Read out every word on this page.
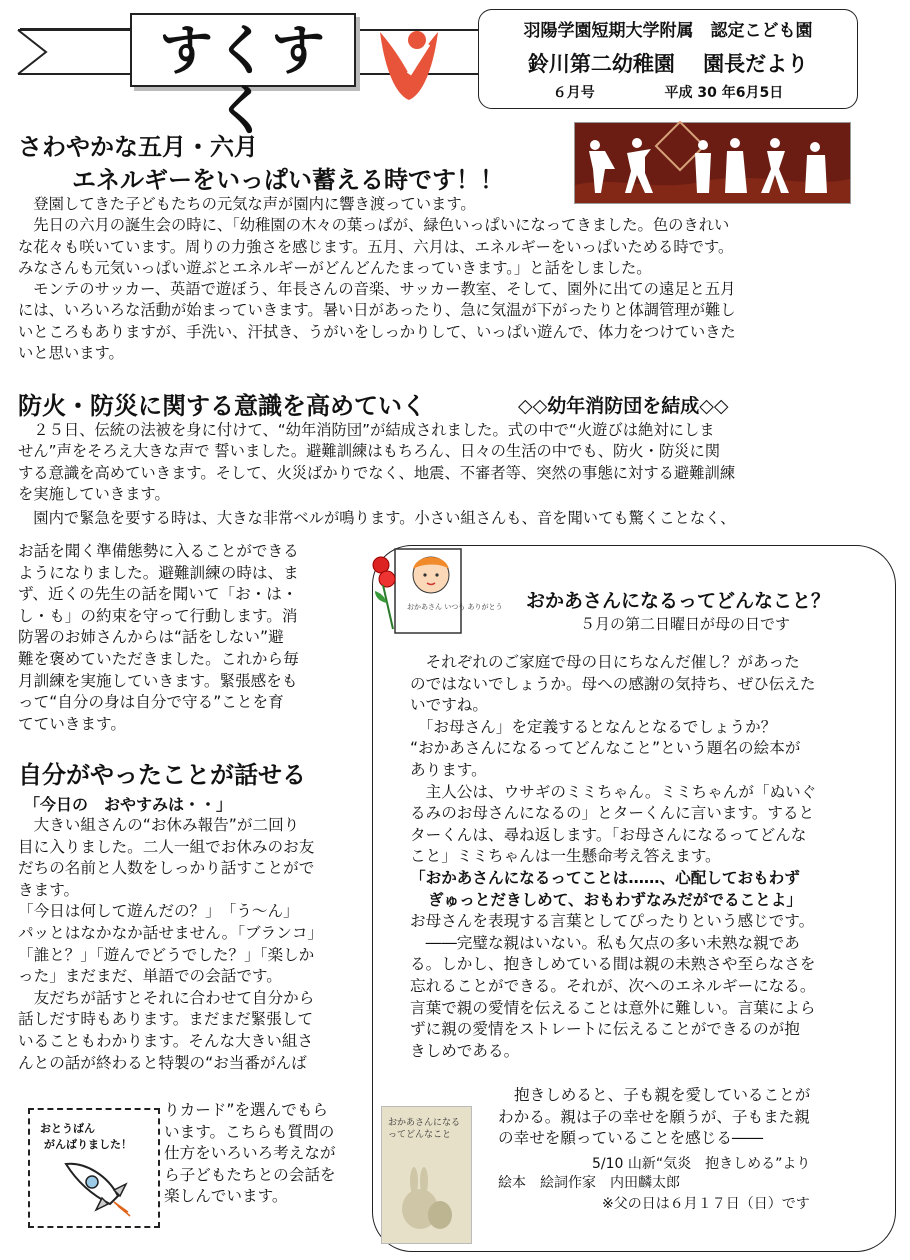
すくすく
羽陽学園短期大学附属　認定こども園
鈴川第二幼稚園　 園長だより
６月号	平成 30 年6月5日
さわやかな五月・六月
エネルギーをいっぱい蓄える時です！！
　登園してきた子どもたちの元気な声が園内に響き渡っています。
　先日の六月の誕生会の時に、「幼稚園の木々の葉っぱが、緑色いっぱいになってきました。色のきれい
な花々も咲いています。周りの力強さを感じます。五月、六月は、エネルギーをいっぱいためる時です。
みなさんも元気いっぱい遊ぶとエネルギーがどんどんたまっていきます。」と話をしました。
　モンテのサッカー、英語で遊ぼう、年長さんの音楽、サッカー教室、そして、園外に出ての遠足と五月
には、いろいろな活動が始まっていきます。暑い日があったり、急に気温が下がったりと体調管理が難し
いところもありますが、手洗い、汗拭き、うがいをしっかりして、いっぱい遊んで、体力をつけていきた
いと思います。
防火・防災に関する意識を高めていく	◇◇幼年消防団を結成◇◇
　２５日、伝統の法被を身に付けて、“幼年消防団”が結成されました。式の中で“火遊びは絶対にしま
せん”声をそろえ大きな声で 誓いました。避難訓練はもちろん、日々の生活の中でも、防火・防災に関
する意識を高めていきます。そして、火災ばかりでなく、地震、不審者等、突然の事態に対する避難訓練
を実施していきます。
　園内で緊急を要する時は、大きな非常ベルが鳴ります。小さい組さんも、音を聞いても驚くことなく、
お話を聞く準備態勢に入ることができる
ようになりました。避難訓練の時は、ま
ず、近くの先生の話を聞いて「お・は・
し・も」の約束を守って行動します。消
防署のお姉さんからは“話をしない”避
難を褒めていただきました。これから毎
月訓練を実施していきます。緊張感をも
って“自分の身は自分で守る”ことを育
てていきます。
自分がやったことが話せる
「今日の　おやすみは・・」
　大きい組さんの“お休み報告”が二回り
目に入りました。二人一組でお休みのお友
だちの名前と人数をしっかり話すことがで
きます。
「今日は何して遊んだの？」　「う～ん」
パッとはなかなか話せません。「ブランコ」
「誰と？」「遊んでどうでした？」「楽しか
った」まだまだ、単語での会話です。
　友だちが話すとそれに合わせて自分から
話しだす時もあります。まだまだ緊張して
いることもわかります。そんな大きい組さ
んとの話が終わると特製の“お当番がんば
りカード”を選んでもら
います。こちらも質問の
仕方をいろいろ考えなが
ら子どもたちとの会話を
楽しんでいます。
おとうばん
がんばりました！
おかあさん いつも ありがとう	おかあさんになるってどんなこと？
５月の第二日曜日が母の日です
　それぞれのご家庭で母の日にちなんだ催し？があった
のではないでしょうか。母への感謝の気持ち、ぜひ伝えた
いですね。
　「お母さん」を定義するとなんとなるでしょうか？
“おかあさんになるってどんなこと”という題名の絵本が
あります。
　主人公は、ウサギのミミちゃん。ミミちゃんが「ぬいぐ
るみのお母さんになるの」とターくんに言います。すると
ターくんは、尋ね返します。「お母さんになるってどんな
こと」ミミちゃんは一生懸命考え答えます。
「おかあさんになるってことは……、心配しておもわず
ぎゅっとだきしめて、おもわずなみだがでることよ」
お母さんを表現する言葉としてぴったりという感じです。
　――完璧な親はいない。私も欠点の多い未熟な親であ
る。しかし、抱きしめている間は親の未熟さや至らなさを
忘れることができる。それが、次へのエネルギーになる。
言葉で親の愛情を伝えることは意外に難しい。言葉によら
ずに親の愛情をストレートに伝えることができるのが抱
きしめである。
おかあさんになるってどんなこと
抱きしめると、子も親を愛していることが
わかる。親は子の幸せを願うが、子もまた親
の幸せを願っていることを感じる――
5/10 山新“気炎　抱きしめる”より
絵本　絵詞作家　内田麟太郎
※父の日は６月１７日（日）です
